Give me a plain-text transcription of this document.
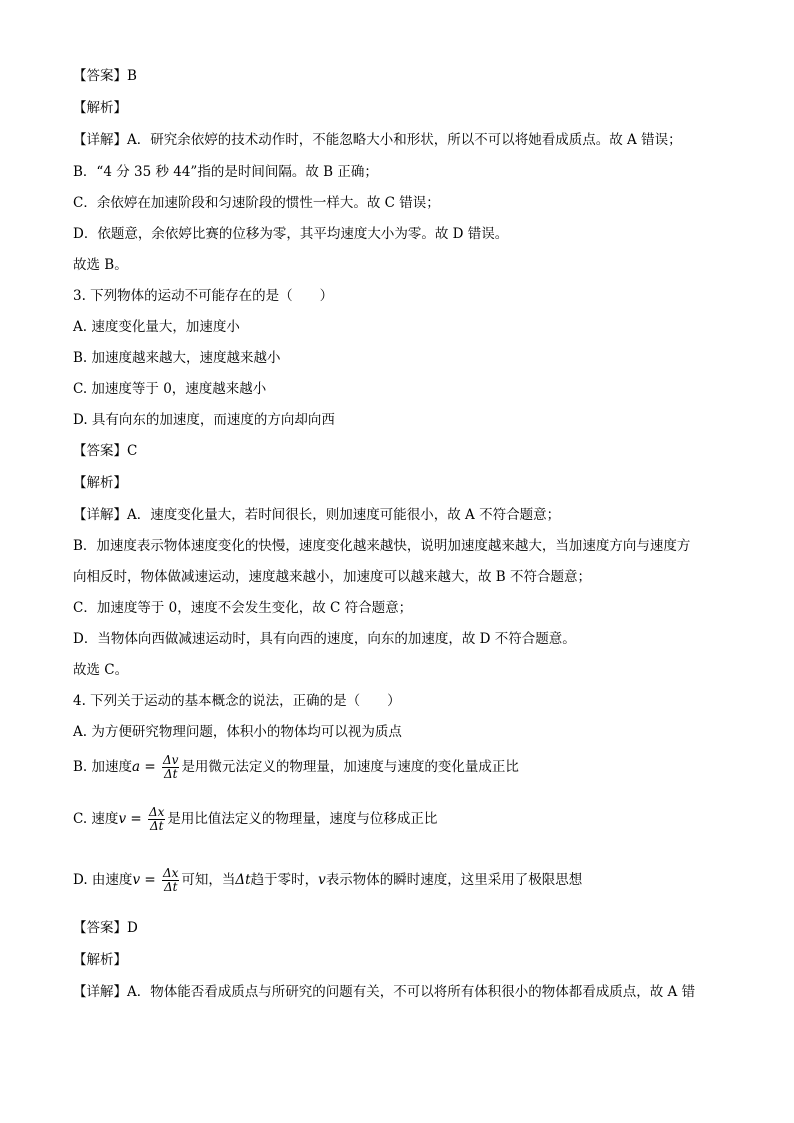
【答案】B
【解析】
【详解】A．研究余依婷的技术动作时，不能忽略大小和形状，所以不可以将她看成质点。故 A 错误；
B．“4 分 35 秒 44”指的是时间间隔。故 B 正确；
C．余依婷在加速阶段和匀速阶段的惯性一样大。故 C 错误；
D．依题意，余依婷比赛的位移为零，其平均速度大小为零。故 D 错误。
故选 B。
3. 下列物体的运动不可能存在的是（　　）
A. 速度变化量大，加速度小
B. 加速度越来越大，速度越来越小
C. 加速度等于 0，速度越来越小
D. 具有向东的加速度，而速度的方向却向西
【答案】C
【解析】
【详解】A．速度变化量大，若时间很长，则加速度可能很小，故 A 不符合题意；
B．加速度表示物体速度变化的快慢，速度变化越来越快，说明加速度越来越大，当加速度方向与速度方
向相反时，物体做减速运动，速度越来越小，加速度可以越来越大，故 B 不符合题意；
C．加速度等于 0，速度不会发生变化，故 C 符合题意；
D．当物体向西做减速运动时，具有向西的速度，向东的加速度，故 D 不符合题意。
故选 C。
4. 下列关于运动的基本概念的说法，正确的是（　　）
A. 为方便研究物理问题，体积小的物体均可以视为质点
B. 加速度$a = \frac{\Delta v}{\Delta t}$ 是用微元法定义的物理量，加速度与速度的变化量成正比
C. 速度$v = \frac{\Delta x}{\Delta t}$ 是用比值法定义的物理量，速度与位移成正比
D. 由速度$v = \frac{\Delta x}{\Delta t}$ 可知，当Δt趋于零时，v表示物体的瞬时速度，这里采用了极限思想
【答案】D
【解析】
【详解】A．物体能否看成质点与所研究的问题有关，不可以将所有体积很小的物体都看成质点，故 A 错
